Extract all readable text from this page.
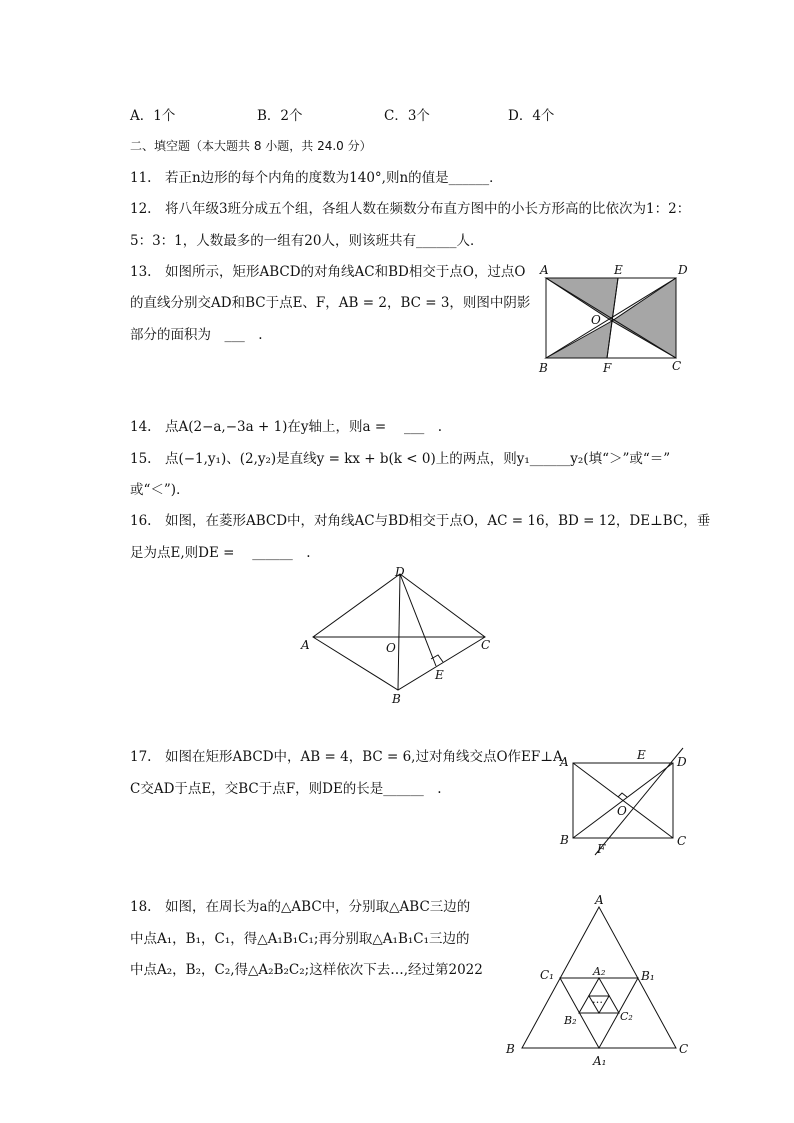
A．1个	B．2个	C．3个	D．4个
二、填空题（本大题共 8 小题，共 24.0 分）
11.　若正n边形的每个内角的度数为140°,则n的值是______．
12.　将八年级3班分成五个组，各组人数在频数分布直方图中的小长方形高的比依次为1：2：
5：3：1，人数最多的一组有20人，则该班共有______人．
13.　如图所示，矩形ABCD的对角线AC和BD相交于点O，过点O
的直线分别交AD和BC于点E、F，AB = 2，BC = 3，则图中阴影
部分的面积为　___　.
14.　点A(2−a,−3a + 1)在y轴上，则a = 　___　.
15.　点(−1,y₁)、(2,y₂)是直线y = kx + b(k < 0)上的两点，则y₁______y₂(填“＞”或“＝”
或“＜”)．
16.　如图，在菱形ABCD中，对角线AC与BD相交于点O，AC = 16，BD = 12，DE⊥BC，垂
足为点E,则DE = 　______　.
17.　如图在矩形ABCD中，AB = 4，BC = 6,过对角线交点O作EF⊥A
C交AD于点E，交BC于点F，则DE的长是______　.
18.　如图，在周长为a的△ABC中，分别取△ABC三边的
中点A₁，B₁，C₁，得△A₁B₁C₁;再分别取△A₁B₁C₁三边的
中点A₂，B₂，C₂,得△A₂B₂C₂;这样依次下去…,经过第2022
A	E	D
O
B	F	C
D
A	O	C
E
B
A	E	D
O
B	C
F
A
C₁	A₂	B₁
…
B₂	C₂
B	C
A₁
